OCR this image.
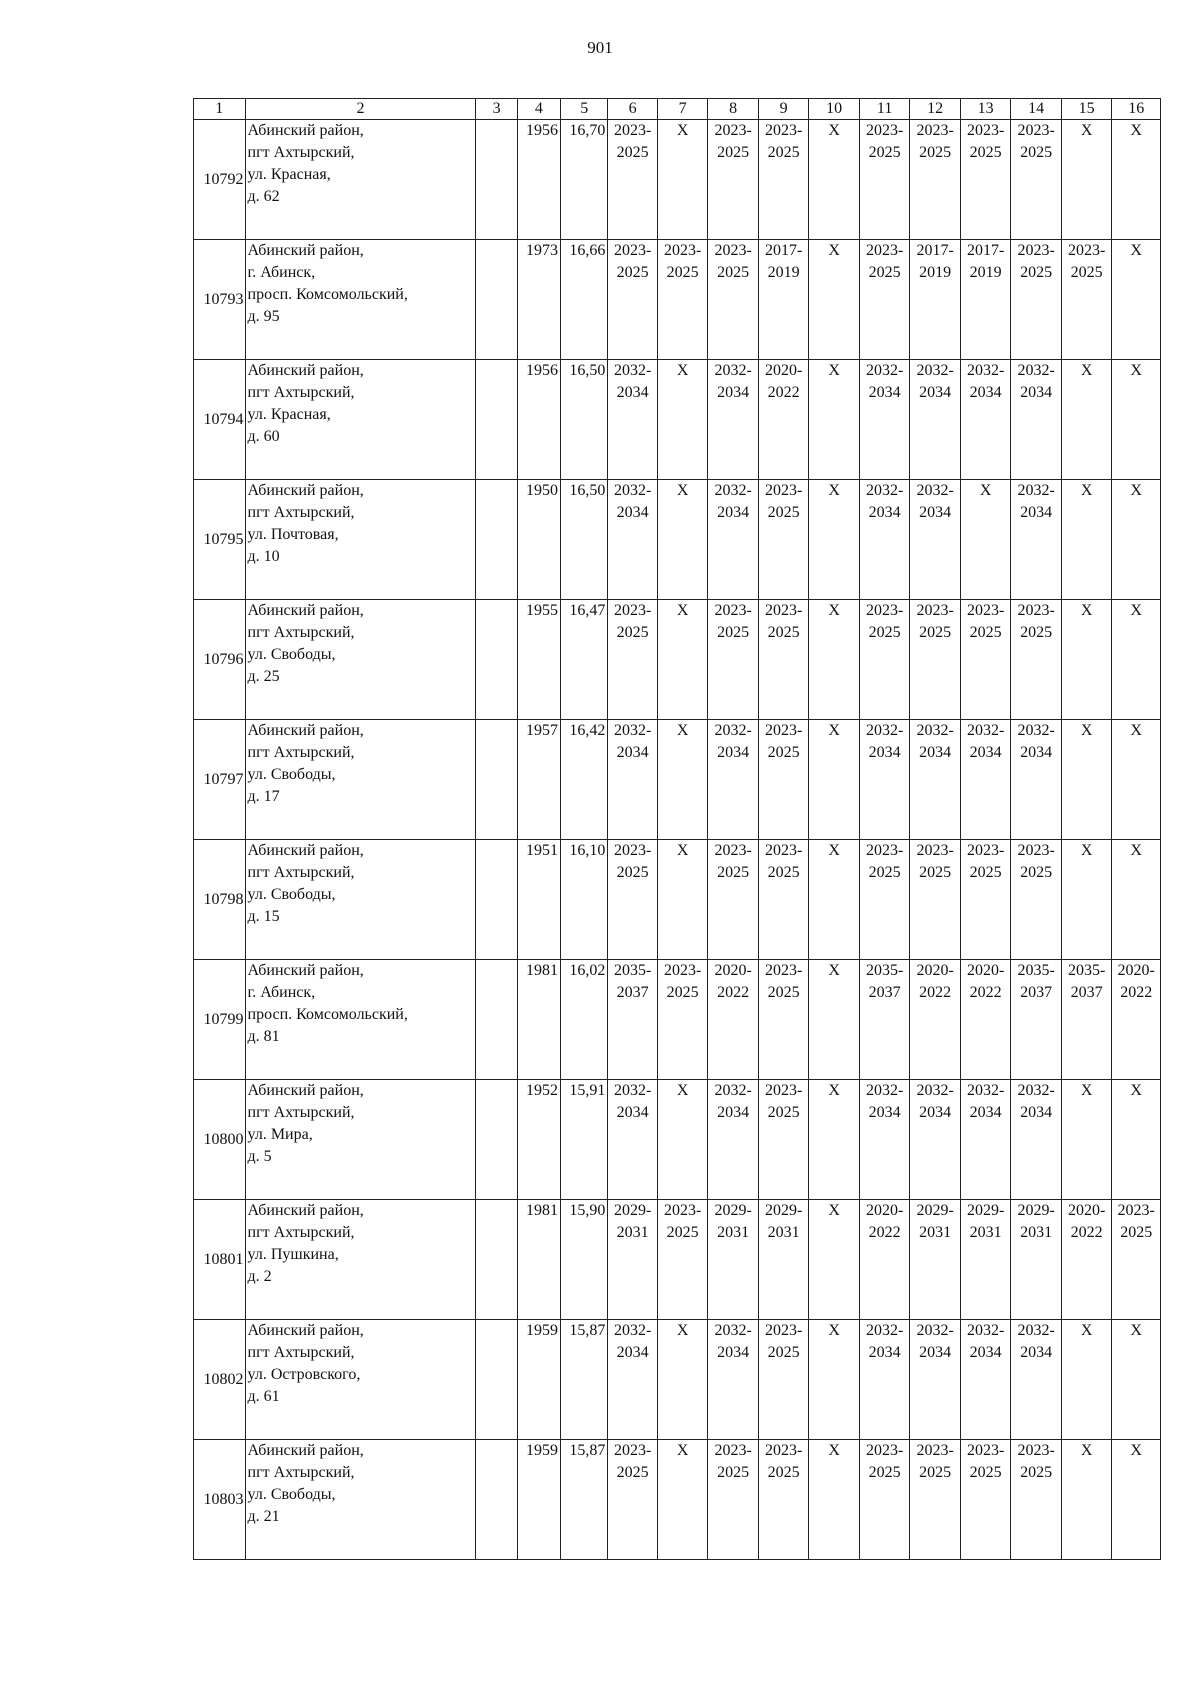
901
1	2	3	4	5	6	7	8	9	10	11	12	13	14	15	16
10792	Абинский район,
пгт Ахтырский,
ул. Красная,
д. 62		1956	16,70	2023-
2025	Х	2023-
2025	2023-
2025	Х	2023-
2025	2023-
2025	2023-
2025	2023-
2025	Х	Х
10793	Абинский район,
г. Абинск,
просп. Комсомольский,
д. 95		1973	16,66	2023-
2025	2023-
2025	2023-
2025	2017-
2019	Х	2023-
2025	2017-
2019	2017-
2019	2023-
2025	2023-
2025	Х
10794	Абинский район,
пгт Ахтырский,
ул. Красная,
д. 60		1956	16,50	2032-
2034	Х	2032-
2034	2020-
2022	Х	2032-
2034	2032-
2034	2032-
2034	2032-
2034	Х	Х
10795	Абинский район,
пгт Ахтырский,
ул. Почтовая,
д. 10		1950	16,50	2032-
2034	Х	2032-
2034	2023-
2025	Х	2032-
2034	2032-
2034	Х	2032-
2034	Х	Х
10796	Абинский район,
пгт Ахтырский,
ул. Свободы,
д. 25		1955	16,47	2023-
2025	Х	2023-
2025	2023-
2025	Х	2023-
2025	2023-
2025	2023-
2025	2023-
2025	Х	Х
10797	Абинский район,
пгт Ахтырский,
ул. Свободы,
д. 17		1957	16,42	2032-
2034	Х	2032-
2034	2023-
2025	Х	2032-
2034	2032-
2034	2032-
2034	2032-
2034	Х	Х
10798	Абинский район,
пгт Ахтырский,
ул. Свободы,
д. 15		1951	16,10	2023-
2025	Х	2023-
2025	2023-
2025	Х	2023-
2025	2023-
2025	2023-
2025	2023-
2025	Х	Х
10799	Абинский район,
г. Абинск,
просп. Комсомольский,
д. 81		1981	16,02	2035-
2037	2023-
2025	2020-
2022	2023-
2025	Х	2035-
2037	2020-
2022	2020-
2022	2035-
2037	2035-
2037	2020-
2022
10800	Абинский район,
пгт Ахтырский,
ул. Мира,
д. 5		1952	15,91	2032-
2034	Х	2032-
2034	2023-
2025	Х	2032-
2034	2032-
2034	2032-
2034	2032-
2034	Х	Х
10801	Абинский район,
пгт Ахтырский,
ул. Пушкина,
д. 2		1981	15,90	2029-
2031	2023-
2025	2029-
2031	2029-
2031	Х	2020-
2022	2029-
2031	2029-
2031	2029-
2031	2020-
2022	2023-
2025
10802	Абинский район,
пгт Ахтырский,
ул. Островского,
д. 61		1959	15,87	2032-
2034	Х	2032-
2034	2023-
2025	Х	2032-
2034	2032-
2034	2032-
2034	2032-
2034	Х	Х
10803	Абинский район,
пгт Ахтырский,
ул. Свободы,
д. 21		1959	15,87	2023-
2025	Х	2023-
2025	2023-
2025	Х	2023-
2025	2023-
2025	2023-
2025	2023-
2025	Х	Х
